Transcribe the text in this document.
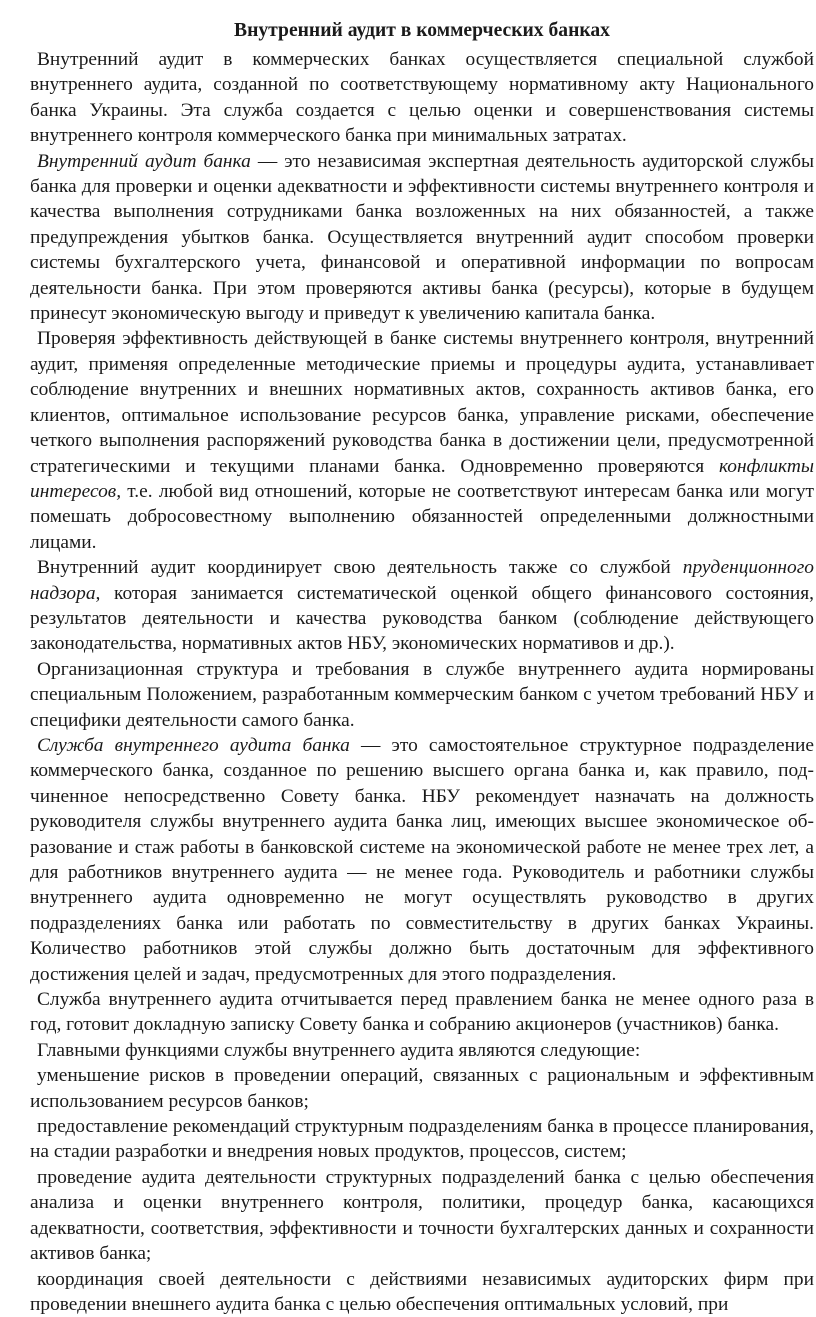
Внутренний аудит в коммерческих банках

Внутренний аудит в коммерческих банках осуществляется специальной службой внутреннего аудита, созданной по соответствующему нормативному акту Национального банка Украины. Эта служба создается с целью оценки и совершенствования системы внутреннего контроля коммерческого банка при минимальных затратах.

Внутренний аудит банка — это независимая экспертная деятельность аудиторской службы банка для проверки и оценки адекватности и эффективности системы внутреннего контроля и качества выполнения сотрудниками банка возложенных на них обязанностей, а также предупреждения убытков банка. Осуществляется внутренний аудит способом проверки системы бухгалтерского учета, финансовой и оперативной информации по вопросам деятельности банка. При этом проверяются активы банка (ресурсы), которые в будущем принесут экономическую выгоду и приведут к увеличению капитала банка.

Проверяя эффективность действующей в банке системы внутреннего контроля, внутренний аудит, применяя определенные методические приемы и процедуры аудита, устанавливает соблюдение внутренних и внешних нормативных актов, сохранность активов банка, его клиентов, оптимальное использование ресурсов банка, управление рисками, обеспечение четкого выполнения распоряжений руководства банка в достижении цели, предусмотренной стратегическими и текущими планами банка. Одновременно проверяются конфликты интересов, т.е. любой вид отношений, которые не соответствуют интересам банка или могут помешать добросовестному выполнению обязанностей определенными должностными лицами.

Внутренний аудит координирует свою деятельность также со службой пруденционного надзора, которая занимается систематической оценкой общего финансового состояния, результатов деятельности и качества руководства банком (соблюдение действующего законодательства, нормативных актов НБУ, экономических нормативов и др.).

Организационная структура и требования в службе внутреннего аудита нормированы специальным Положением, разработанным коммерческим банком с учетом требований НБУ и специфики деятельности самого банка.

Служба внутреннего аудита банка — это самостоятельное структурное подразделение коммерческого банка, созданное по решению высшего органа банка и, как правило, подчиненное непосредственно Совету банка. НБУ рекомендует назначать на должность руководителя службы внутреннего аудита банка лиц, имеющих высшее экономическое образование и стаж работы в банковской системе на экономической работе не менее трех лет, а для работников внутреннего аудита — не менее года. Руководитель и работники службы внутреннего аудита одновременно не могут осуществлять руководство в других подразделениях банка или работать по совместительству в других банках Украины. Количество работников этой службы должно быть достаточным для эффективного достижения целей и задач, предусмотренных для этого подразделения.

Служба внутреннего аудита отчитывается перед правлением банка не менее одного раза в год, готовит докладную записку Совету банка и собранию акционеров (участников) банка.

Главными функциями службы внутреннего аудита являются следующие:

уменьшение рисков в проведении операций, связанных с рациональным и эффективным использованием ресурсов банков;

предоставление рекомендаций структурным подразделениям банка в процессе планирования, на стадии разработки и внедрения новых продуктов, процессов, систем;

проведение аудита деятельности структурных подразделений банка с целью обеспечения анализа и оценки внутреннего контроля, политики, процедур банка, касающихся адекватности, соответствия, эффективности и точности бухгалтерских данных и сохранности активов банка;

координация своей деятельности с действиями независимых аудиторских фирм при проведении внешнего аудита банка с целью обеспечения оптимальных условий, при
